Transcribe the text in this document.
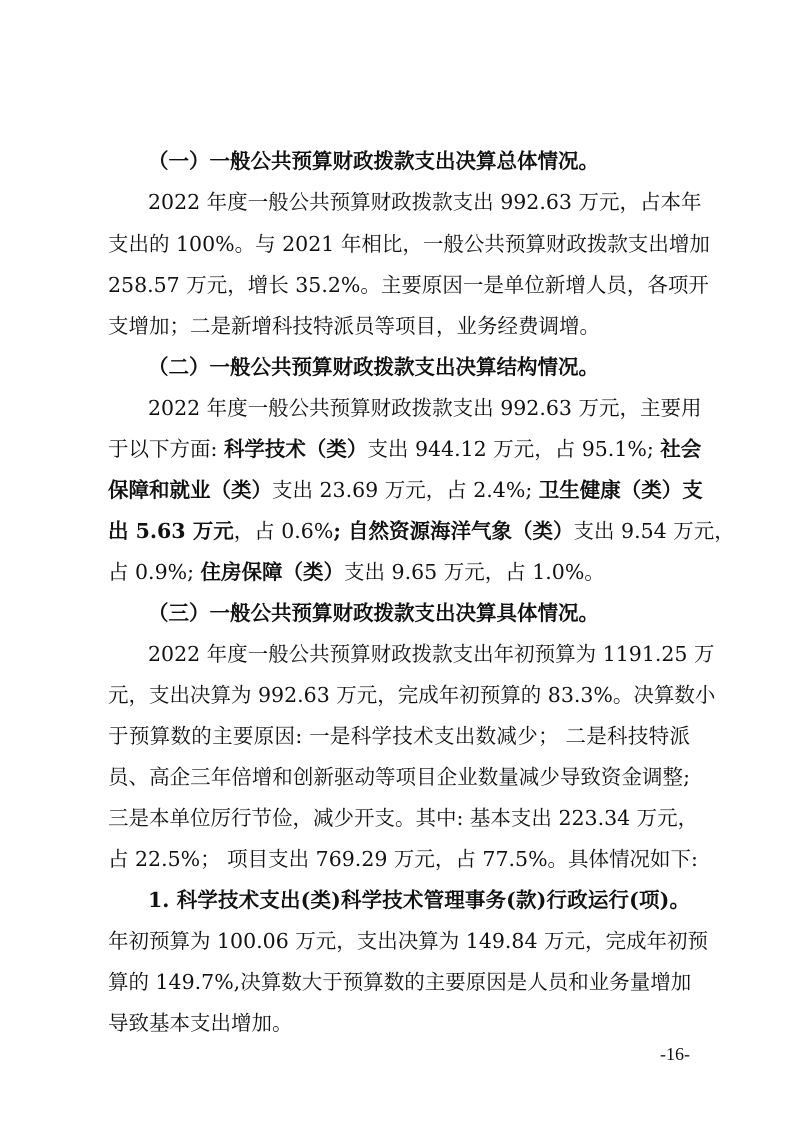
（一）一般公共预算财政拨款支出决算总体情况。
2022 年度一般公共预算财政拨款支出 992.63 万元，占本年
支出的 100%。与 2021 年相比，一般公共预算财政拨款支出增加
258.57 万元，增长 35.2%。主要原因一是单位新增人员，各项开
支增加；二是新增科技特派员等项目，业务经费调增。
（二）一般公共预算财政拨款支出决算结构情况。
2022 年度一般公共预算财政拨款支出 992.63 万元，主要用
于以下方面: 科学技术（类）支出 944.12 万元，占 95.1%; 社会
保障和就业（类）支出 23.69 万元，占 2.4%; 卫生健康（类）支
出 5.63 万元，占 0.6%; 自然资源海洋气象（类）支出 9.54 万元，
占 0.9%; 住房保障（类）支出 9.65 万元，占 1.0%。
（三）一般公共预算财政拨款支出决算具体情况。
2022 年度一般公共预算财政拨款支出年初预算为 1191.25 万
元，支出决算为 992.63 万元，完成年初预算的 83.3%。决算数小
于预算数的主要原因: 一是科学技术支出数减少； 二是科技特派
员、高企三年倍增和创新驱动等项目企业数量减少导致资金调整;
三是本单位厉行节俭，减少开支。其中: 基本支出 223.34 万元，
占 22.5%； 项目支出 769.29 万元，占 77.5%。具体情况如下:
1. 科学技术支出(类)科学技术管理事务(款)行政运行(项)。
年初预算为 100.06 万元，支出决算为 149.84 万元，完成年初预
算的 149.7%,决算数大于预算数的主要原因是人员和业务量增加
导致基本支出增加。
-16-
